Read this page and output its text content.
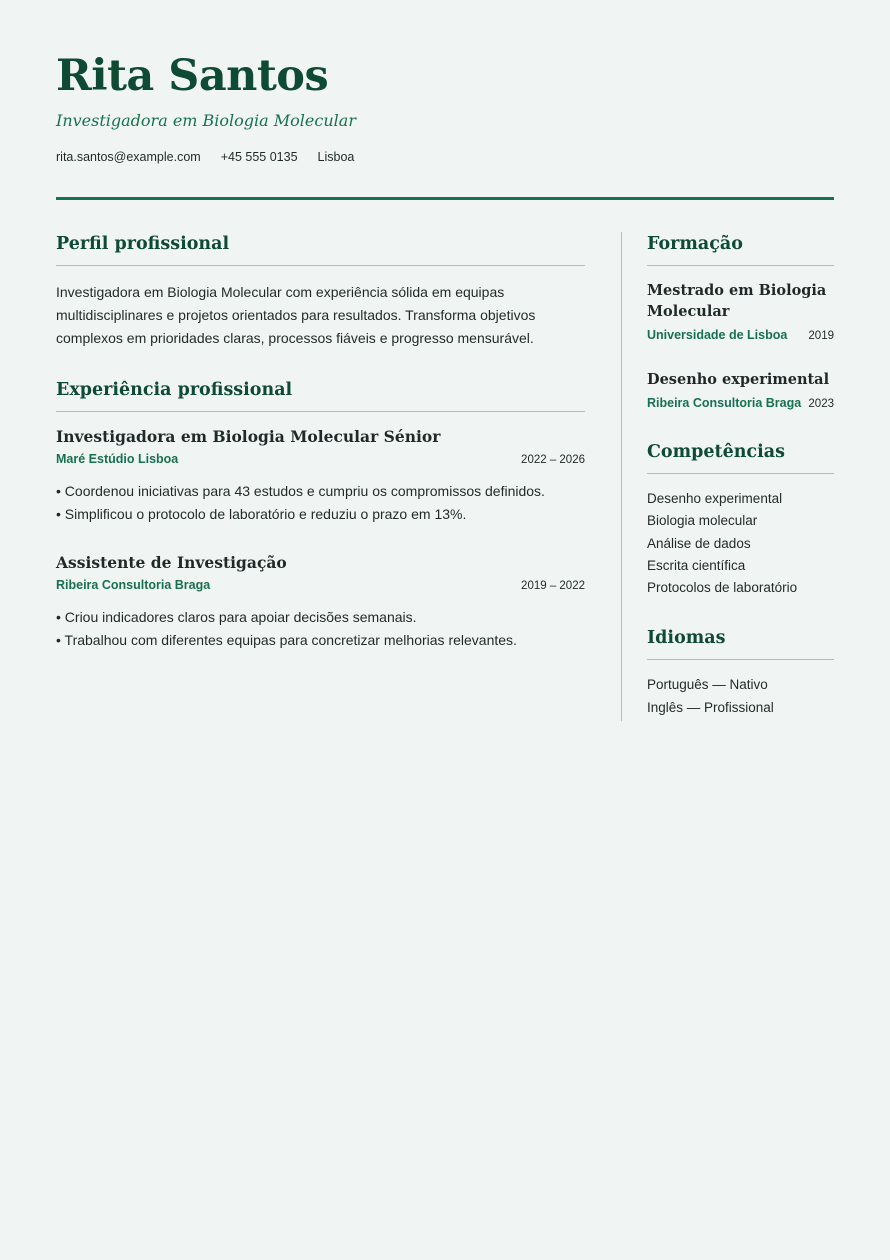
Rita Santos
Investigadora em Biologia Molecular
rita.santos@example.com +45 555 0135 Lisboa
Perfil profissional

Investigadora em Biologia Molecular com experiência sólida em equipas multidisciplinares e projetos orientados para resultados. Transforma objetivos complexos em prioridades claras, processos fiáveis e progresso mensurável.

Experiência profissional
Investigadora em Biologia Molecular Sénior
Maré Estúdio Lisboa	2022 – 2026
• Coordenou iniciativas para 43 estudos e cumpriu os compromissos definidos.
• Simplificou o protocolo de laboratório e reduziu o prazo em 13%.
Assistente de Investigação
Ribeira Consultoria Braga	2019 – 2022
• Criou indicadores claros para apoiar decisões semanais.
• Trabalhou com diferentes equipas para concretizar melhorias relevantes.
Formação
Mestrado em Biologia Molecular
Universidade de Lisboa 2019
Desenho experimental
Ribeira Consultoria Braga 2023
Competências
Desenho experimental
Biologia molecular
Análise de dados
Escrita científica
Protocolos de laboratório
Idiomas
Português — Nativo
Inglês — Profissional
